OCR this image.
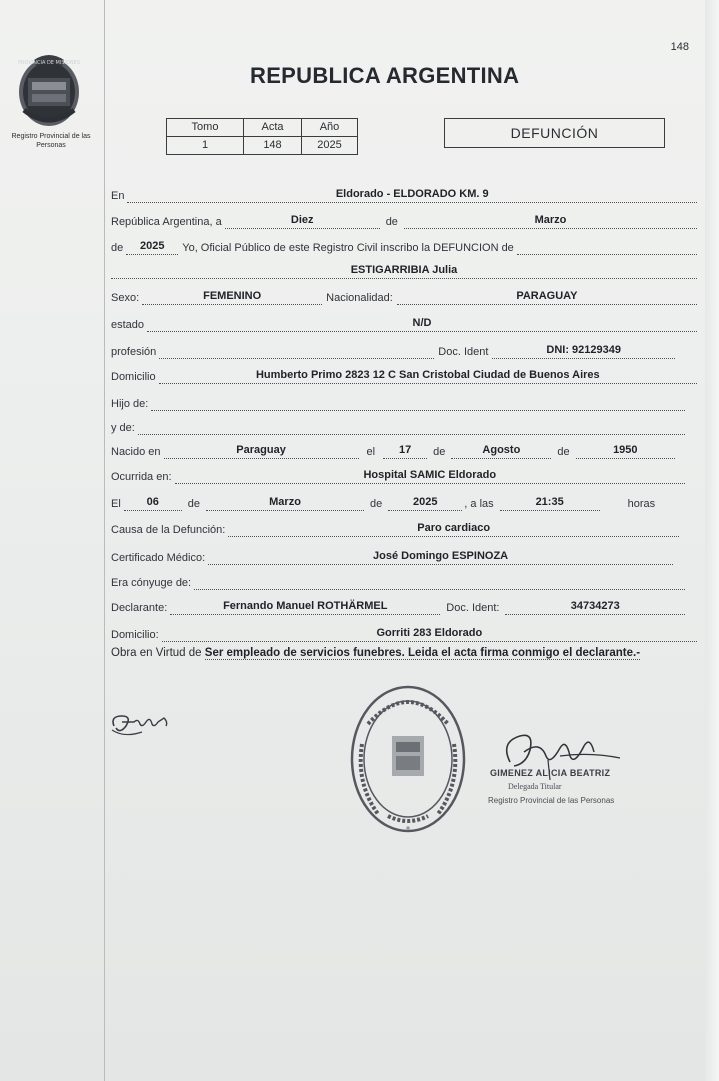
148
PROVINCIA DE MISIONES
Registro Provincial de las Personas
REPUBLICA ARGENTINA
Tomo	Acta	Año
1	148	2025
DEFUNCIÓN
En	Eldorado - ELDORADO KM. 9
República Argentina, a	Diez	de	Marzo
de	2025	Yo, Oficial Público de este Registro Civil inscribo la DEFUNCION de
ESTIGARRIBIA Julia
Sexo:	FEMENINO	Nacionalidad:	PARAGUAY
estado	N/D
profesión	Doc. Ident	DNI: 92129349
Domicilio	Humberto Primo 2823 12 C San Cristobal Ciudad de Buenos Aires
Hijo de:
y de:
Nacido en	Paraguay	el	17	de	Agosto	de	1950
Ocurrida en:	Hospital SAMIC Eldorado
El	06	de	Marzo	de	2025	, a las	21:35	horas
Causa de la Defunción:	Paro cardiaco
Certificado Médico:	José Domingo ESPINOZA
Era cónyuge de:
Declarante:	Fernando Manuel ROTHÄRMEL	Doc. Ident:	34734273
Domicilio:	Gorriti 283 Eldorado
Obra en Virtud de Ser empleado de servicios funebres. Leida el acta firma conmigo el declarante.-
*
GIMENEZ ALICIA BEATRIZ
Delegada Titular
Registro Provincial de las Personas
